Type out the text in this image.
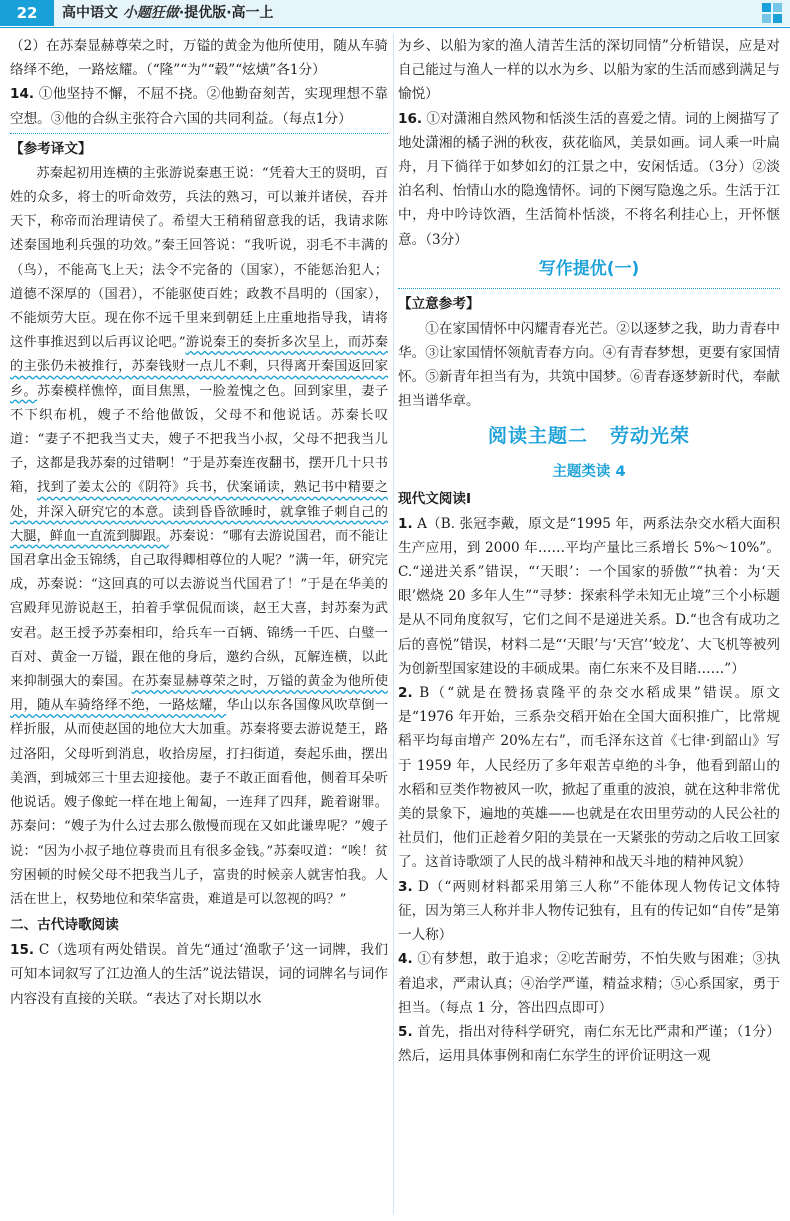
22	高中语文 小题狂做·提优版·高一上

（2）在苏秦显赫尊荣之时，万镒的黄金为他所使用，随从车骑络绎不绝，一路炫耀。（“隆”“为”“毂”“炫熿”各1分）

14. ①他坚持不懈，不屈不挠。②他勤奋刻苦，实现理想不靠空想。③他的合纵主张符合六国的共同利益。（每点1分）

【参考译文】

苏秦起初用连横的主张游说秦惠王说：“凭着大王的贤明，百姓的众多，将士的听命效劳，兵法的熟习，可以兼并诸侯，吞并天下，称帝而治理请侯了。希望大王稍稍留意我的话，我请求陈述秦国地利兵强的功效。”秦王回答说：“我听说，羽毛不丰满的（鸟），不能高飞上天；法令不完备的（国家），不能惩治犯人；道德不深厚的（国君），不能驱使百姓；政教不昌明的（国家），不能烦劳大臣。现在你不远千里来到朝廷上庄重地指导我，请将这件事推迟到以后再议论吧。”游说秦王的奏折多次呈上，而苏秦的主张仍未被推行，苏秦钱财一点儿不剩，只得离开秦国返回家乡。苏秦模样憔悴，面目焦黑，一脸羞愧之色。回到家里，妻子不下织布机，嫂子不给他做饭，父母不和他说话。苏秦长叹道：“妻子不把我当丈夫，嫂子不把我当小叔，父母不把我当儿子，这都是我苏秦的过错啊！”于是苏秦连夜翻书，摆开几十只书箱，找到了姜太公的《阴符》兵书，伏案诵读，熟记书中精要之处，并深入研究它的本意。读到昏昏欲睡时，就拿锥子刺自己的大腿，鲜血一直流到脚跟。苏秦说：“哪有去游说国君，而不能让国君拿出金玉锦绣，自己取得卿相尊位的人呢？”满一年，研究完成，苏秦说：“这回真的可以去游说当代国君了！”于是在华美的宫殿拜见游说赵王，拍着手掌侃侃而谈，赵王大喜，封苏秦为武安君。赵王授予苏秦相印，给兵车一百辆、锦绣一千匹、白璧一百对、黄金一万镒，跟在他的身后，邀约合纵，瓦解连横，以此来抑制强大的秦国。在苏秦显赫尊荣之时，万镒的黄金为他所使用，随从车骑络绎不绝，一路炫耀，华山以东各国像风吹草倒一样折服，从而使赵国的地位大大加重。苏秦将要去游说楚王，路过洛阳，父母听到消息，收拾房屋，打扫街道，奏起乐曲，摆出美酒，到城郊三十里去迎接他。妻子不敢正面看他，侧着耳朵听他说话。嫂子像蛇一样在地上匍匐，一连拜了四拜，跪着谢罪。苏秦问：“嫂子为什么过去那么傲慢而现在又如此谦卑呢？”嫂子说：“因为小叔子地位尊贵而且有很多金钱。”苏秦叹道：“唉！贫穷困顿的时候父母不把我当儿子，富贵的时候亲人就害怕我。人活在世上，权势地位和荣华富贵，难道是可以忽视的吗？”

二、古代诗歌阅读

15. C（选项有两处错误。首先“通过‘渔歌子’这一词牌，我们可知本词叙写了江边渔人的生活”说法错误，词的词牌名与词作内容没有直接的关联。“表达了对长期以水

为乡、以船为家的渔人清苦生活的深切同情”分析错误，应是对自己能过与渔人一样的以水为乡、以船为家的生活而感到满足与愉悦）

16. ①对潇湘自然风物和恬淡生活的喜爱之情。词的上阕描写了地处潇湘的橘子洲的秋夜，荻花临风，美景如画。词人乘一叶扁舟，月下徜徉于如梦如幻的江景之中，安闲恬适。（3分）②淡泊名利、怡情山水的隐逸情怀。词的下阕写隐逸之乐。生活于江中，舟中吟诗饮酒，生活简朴恬淡，不将名利挂心上，开怀惬意。（3分）

写作提优(一)

【立意参考】

①在家国情怀中闪耀青春光芒。②以逐梦之我，助力青春中华。③让家国情怀领航青春方向。④有青春梦想，更要有家国情怀。⑤新青年担当有为，共筑中国梦。⑥青春逐梦新时代，奉献担当谱华章。

阅读主题二 劳动光荣

主题类读 4

现代文阅读Ⅰ

1. A（B. 张冠李戴，原文是“1995 年，两系法杂交水稻大面积生产应用，到 2000 年……平均产量比三系增长 5%～10%”。C.“递进关系”错误，“‘天眼’：一个国家的骄傲”“执着：为‘天眼’燃烧 20 多年人生”“寻梦：探索科学未知无止境”三个小标题是从不同角度叙写，它们之间不是递进关系。D.“也含有成功之后的喜悦”错误，材料二是“‘天眼’与‘天宫’‘蛟龙’、大飞机等被列为创新型国家建设的丰硕成果。南仁东来不及目睹……”）

2. B（“就是在赞扬袁隆平的杂交水稻成果”错误。原文是“1976 年开始，三系杂交稻开始在全国大面积推广，比常规稻平均每亩增产 20%左右”，而毛泽东这首《七律·到韶山》写于 1959 年，人民经历了多年艰苦卓绝的斗争，他看到韶山的水稻和豆类作物被风一吹，掀起了重重的波浪，就在这种非常优美的景象下，遍地的英雄——也就是在农田里劳动的人民公社的社员们，他们正趁着夕阳的美景在一天紧张的劳动之后收工回家了。这首诗歌颂了人民的战斗精神和战天斗地的精神风貌）

3. D（“两则材料都采用第三人称”不能体现人物传记文体特征，因为第三人称并非人物传记独有，且有的传记如“自传”是第一人称）

4. ①有梦想，敢于追求；②吃苦耐劳，不怕失败与困难；③执着追求，严肃认真；④治学严谨，精益求精；⑤心系国家，勇于担当。（每点 1 分，答出四点即可）

5. 首先，指出对待科学研究，南仁东无比严肃和严谨；（1分）然后，运用具体事例和南仁东学生的评价证明这一观
